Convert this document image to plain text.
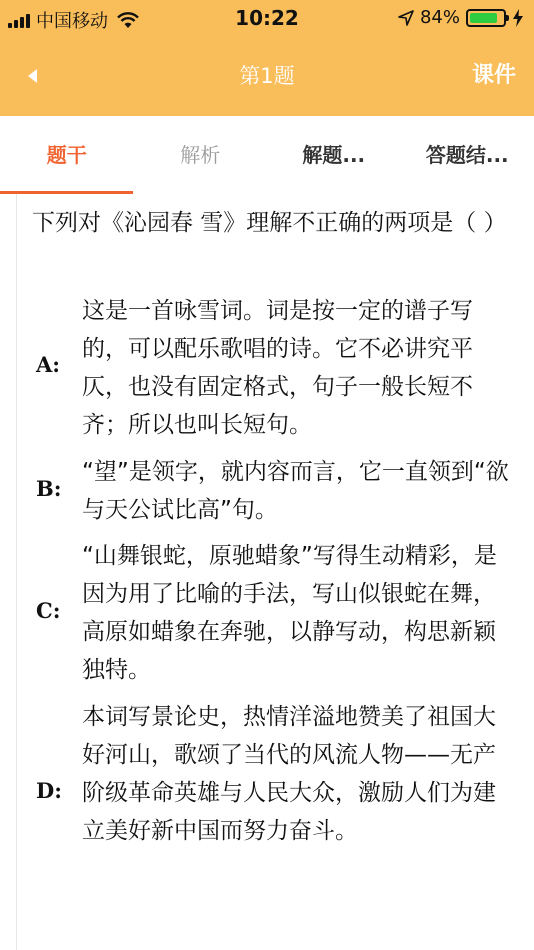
中国移动	10:22	84%
第1题	课件
题干	解析	解题...	答题结...
下列对《沁园春 雪》理解不正确的两项是（ ）
A:
这是一首咏雪词。词是按一定的谱子写的，可以配乐歌唱的诗。它不必讲究平仄，也没有固定格式，句子一般长短不齐；所以也叫长短句。
B:
“望”是领字，就内容而言，它一直领到“欲与天公试比高”句。
C:
“山舞银蛇，原驰蜡象”写得生动精彩，是因为用了比喻的手法，写山似银蛇在舞，高原如蜡象在奔驰，以静写动，构思新颖独特。
D:
本词写景论史，热情洋溢地赞美了祖国大好河山，歌颂了当代的风流人物——无产阶级革命英雄与人民大众，激励人们为建立美好新中国而努力奋斗。
